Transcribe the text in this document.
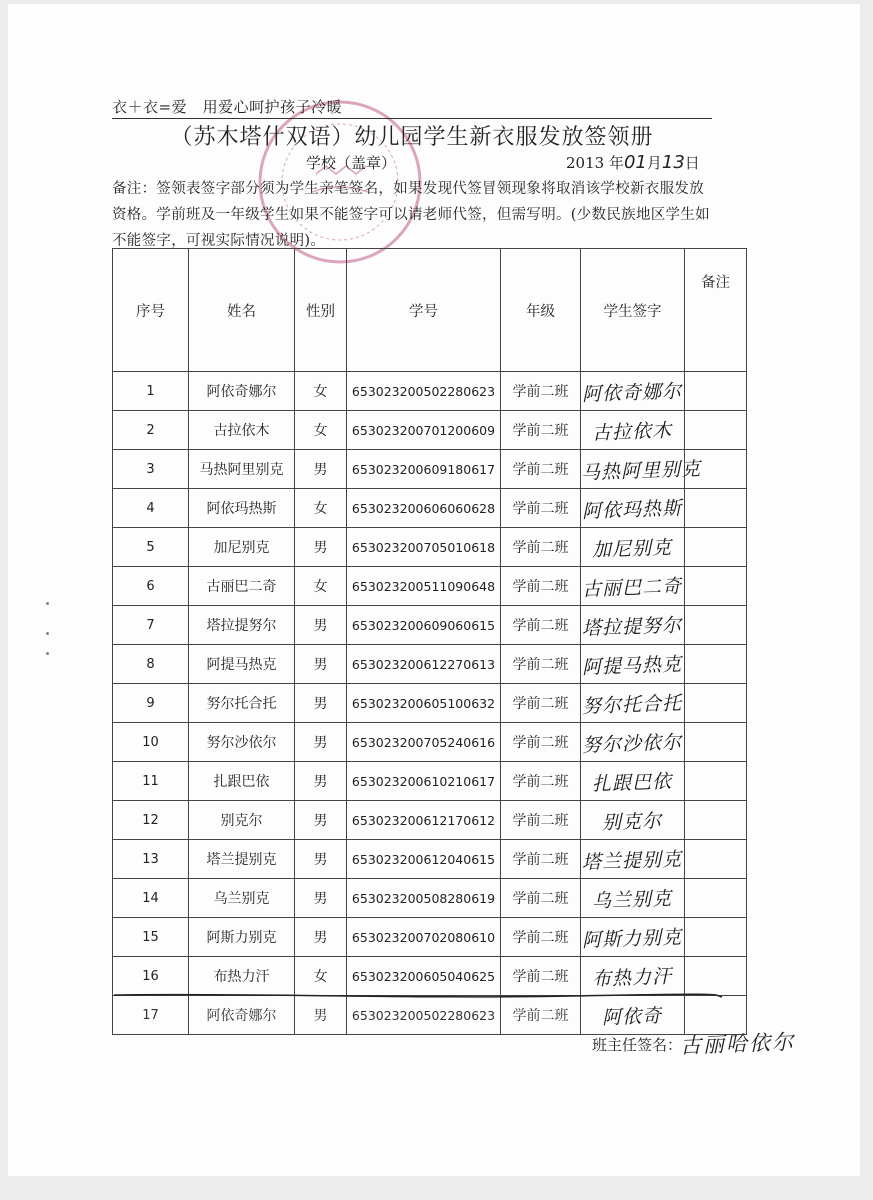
衣＋衣=爱　用爱心呵护孩子冷暖
（苏木塔什双语）幼儿园学生新衣服发放签领册
学校（盖章）	2013 年01月13日
备注：签领表签字部分须为学生亲笔签名，如果发现代签冒领现象将取消该学校新衣服发放资格。学前班及一年级学生如果不能签字可以请老师代签，但需写明。(少数民族地区学生如不能签字，可视实际情况说明)。
序号	姓名	性别	学号	年级	学生签字	备注
1	阿依奇娜尔	女	653023200502280623	学前二班	阿依奇娜尔	
2	古拉依木	女	653023200701200609	学前二班	古拉依木	
3	马热阿里别克	男	653023200609180617	学前二班	马热阿里别克	
4	阿依玛热斯	女	653023200606060628	学前二班	阿依玛热斯	
5	加尼别克	男	653023200705010618	学前二班	加尼别克	
6	古丽巴二奇	女	653023200511090648	学前二班	古丽巴二奇	
7	塔拉提努尔	男	653023200609060615	学前二班	塔拉提努尔	
8	阿提马热克	男	653023200612270613	学前二班	阿提马热克	
9	努尔托合托	男	653023200605100632	学前二班	努尔托合托	
10	努尔沙依尔	男	653023200705240616	学前二班	努尔沙依尔	
11	扎跟巴依	男	653023200610210617	学前二班	扎跟巴依	
12	别克尔	男	653023200612170612	学前二班	别克尔	
13	塔兰提别克	男	653023200612040615	学前二班	塔兰提别克	
14	乌兰别克	男	653023200508280619	学前二班	乌兰别克	
15	阿斯力别克	男	653023200702080610	学前二班	阿斯力别克	
16	布热力汗	女	653023200605040625	学前二班	布热力汗	
17	阿依奇娜尔	男	653023200502280623	学前二班	阿依奇	
班主任签名：
古丽哈依尔
